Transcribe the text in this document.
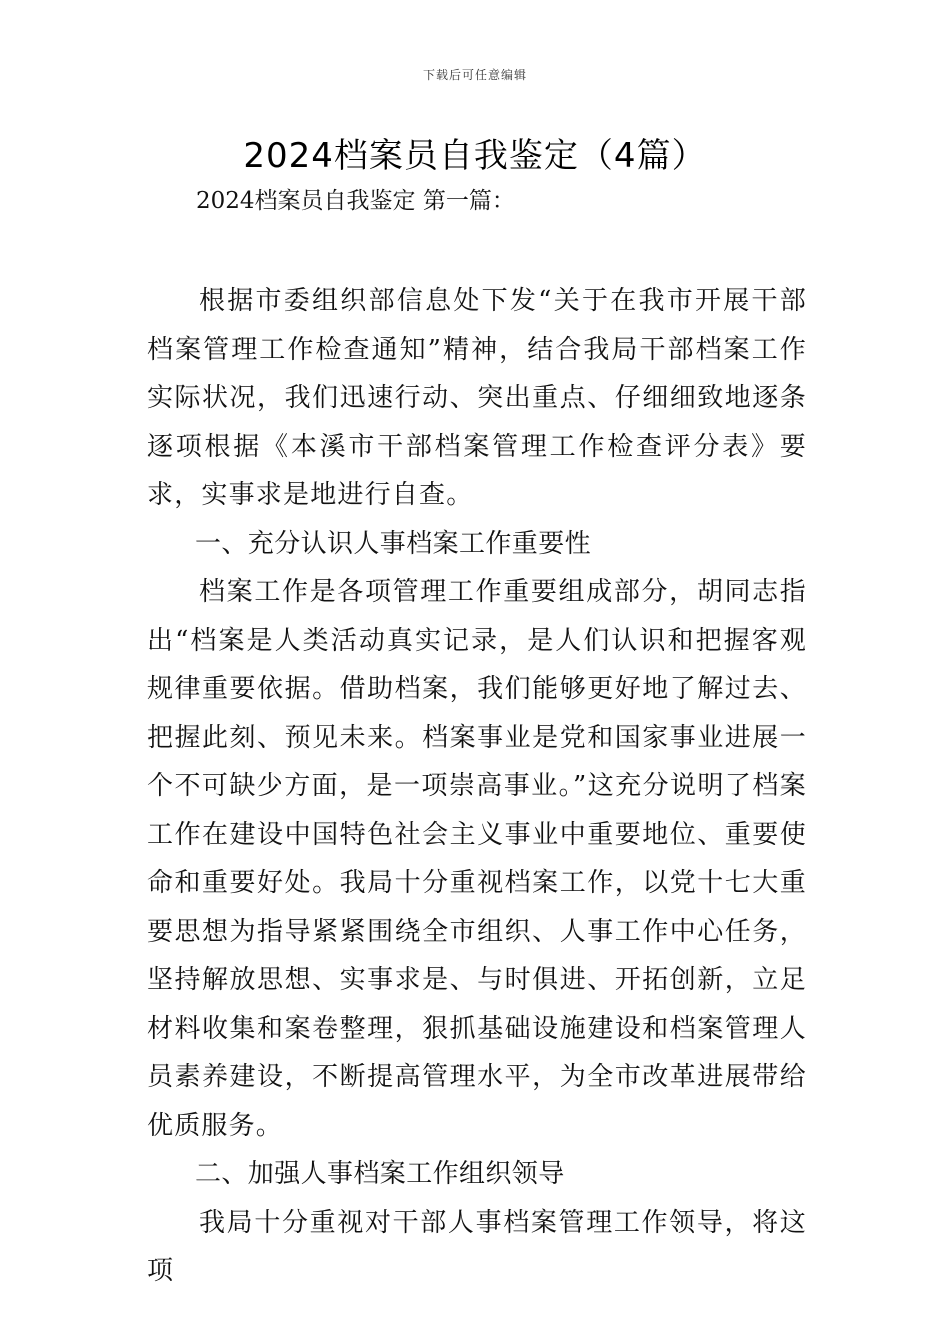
下载后可任意编辑
2024档案员自我鉴定（4篇）

2024档案员自我鉴定 第一篇：

根据市委组织部信息处下发“关于在我市开展干部档案管理工作检查通知”精神，结合我局干部档案工作实际状况，我们迅速行动、突出重点、仔细细致地逐条逐项根据《本溪市干部档案管理工作检查评分表》要求，实事求是地进行自查。

一、充分认识人事档案工作重要性

档案工作是各项管理工作重要组成部分，胡同志指出“档案是人类活动真实记录，是人们认识和把握客观规律重要依据。借助档案，我们能够更好地了解过去、把握此刻、预见未来。档案事业是党和国家事业进展一个不可缺少方面，是一项崇高事业。”这充分说明了档案工作在建设中国特色社会主义事业中重要地位、重要使命和重要好处。我局十分重视档案工作，以党十七大重要思想为指导紧紧围绕全市组织、人事工作中心任务，坚持解放思想、实事求是、与时俱进、开拓创新，立足材料收集和案卷整理，狠抓基础设施建设和档案管理人员素养建设，不断提高管理水平，为全市改革进展带给优质服务。

二、加强人事档案工作组织领导

我局十分重视对干部人事档案管理工作领导，将这项
